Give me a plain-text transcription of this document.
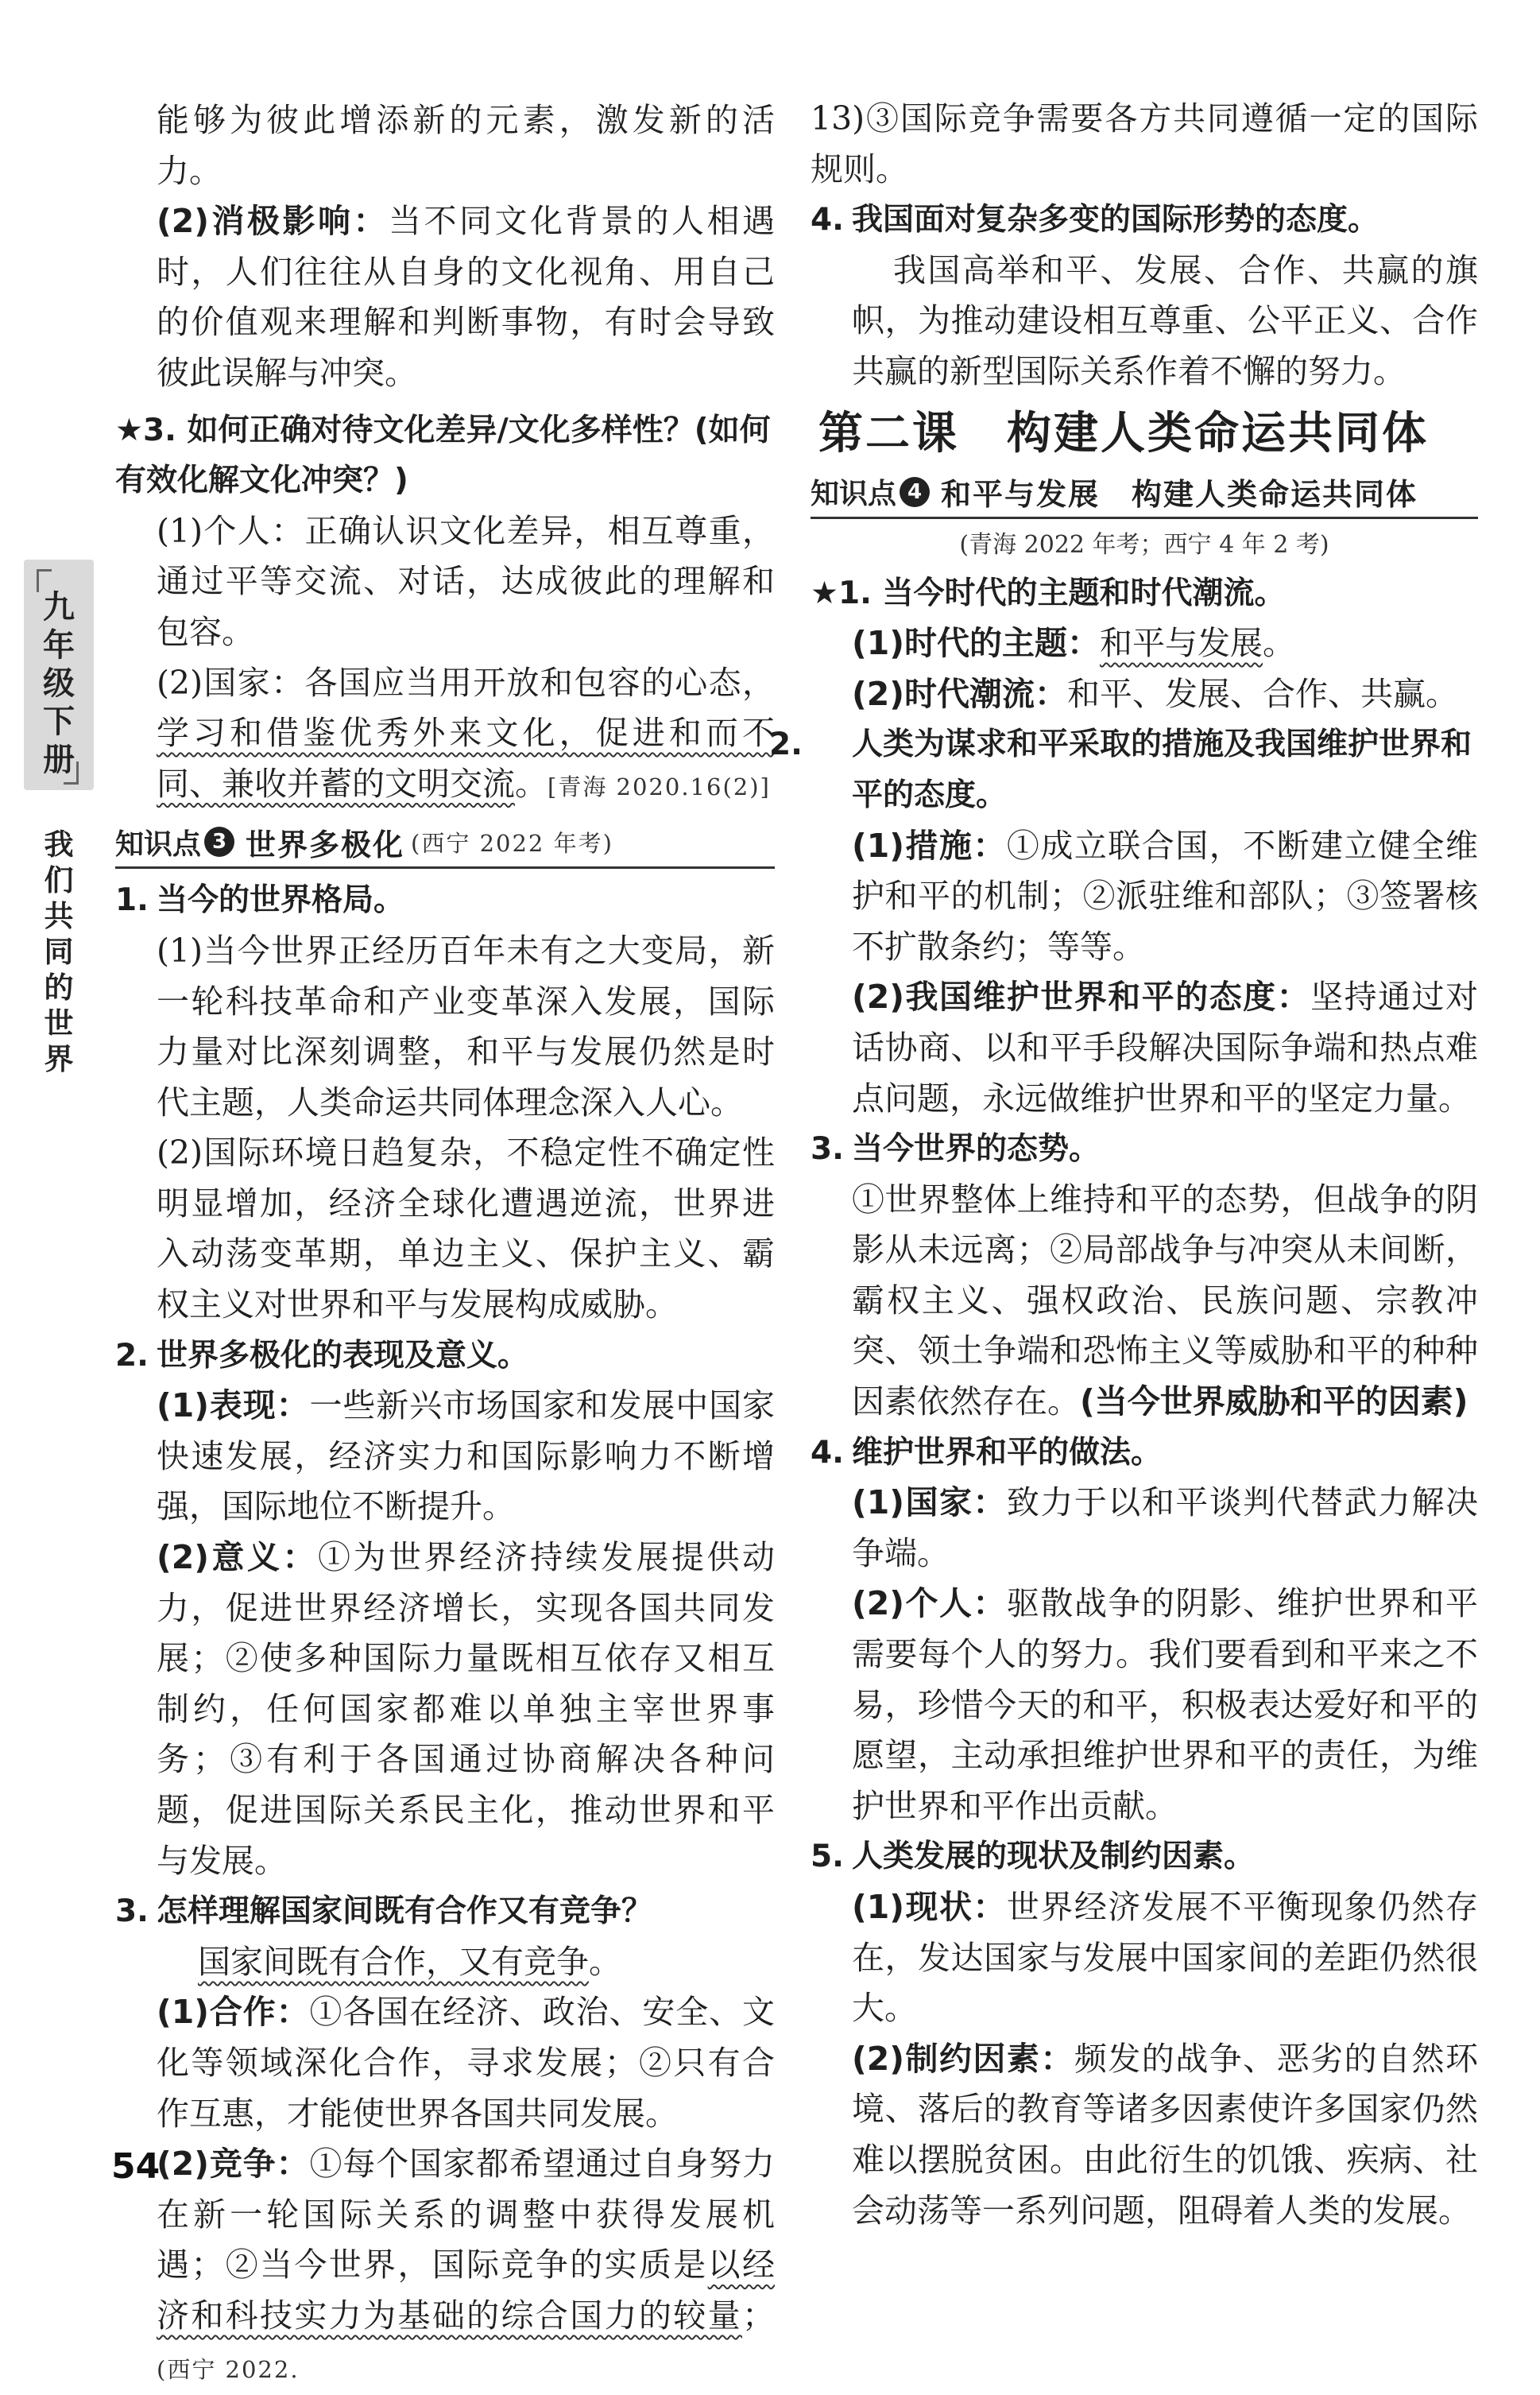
九年级下册
我们共同的世界

能够为彼此增添新的元素，激发新的活力。

(2)消极影响：当不同文化背景的人相遇时，人们往往从自身的文化视角、用自己的价值观来理解和判断事物，有时会导致彼此误解与冲突。

★3. 如何正确对待文化差异/文化多样性？(如何有效化解文化冲突？)

(1)个人：正确认识文化差异，相互尊重，通过平等交流、对话，达成彼此的理解和包容。

(2)国家：各国应当用开放和包容的心态，学习和借鉴优秀外来文化，促进和而不同、兼收并蓄的文明交流。[青海 2020.16(2)]

知识点 3 世界多极化 (西宁 2022 年考)

1. 当今的世界格局。

(1)当今世界正经历百年未有之大变局，新一轮科技革命和产业变革深入发展，国际力量对比深刻调整，和平与发展仍然是时代主题，人类命运共同体理念深入人心。

(2)国际环境日趋复杂，不稳定性不确定性明显增加，经济全球化遭遇逆流，世界进入动荡变革期，单边主义、保护主义、霸权主义对世界和平与发展构成威胁。

2. 世界多极化的表现及意义。

(1)表现：一些新兴市场国家和发展中国家快速发展，经济实力和国际影响力不断增强，国际地位不断提升。

(2)意义：①为世界经济持续发展提供动力，促进世界经济增长，实现各国共同发展；②使多种国际力量既相互依存又相互制约，任何国家都难以单独主宰世界事务；③有利于各国通过协商解决各种问题，促进国际关系民主化，推动世界和平与发展。

3. 怎样理解国家间既有合作又有竞争？

国家间既有合作，又有竞争。

(1)合作：①各国在经济、政治、安全、文化等领域深化合作，寻求发展；②只有合作互惠，才能使世界各国共同发展。

(2)竞争：①每个国家都希望通过自身努力在新一轮国际关系的调整中获得发展机遇；②当今世界，国际竞争的实质是以经济和科技实力为基础的综合国力的较量；(西宁 2022.

13)③国际竞争需要各方共同遵循一定的国际规则。

4. 我国面对复杂多变的国际形势的态度。

我国高举和平、发展、合作、共赢的旗帜，为推动建设相互尊重、公平正义、合作共赢的新型国际关系作着不懈的努力。

第二课 构建人类命运共同体
知识点 4 和平与发展　构建人类命运共同体
(青海 2022 年考；西宁 4 年 2 考)

★1. 当今时代的主题和时代潮流。

(1)时代的主题：和平与发展。

(2)时代潮流：和平、发展、合作、共赢。

2. 人类为谋求和平采取的措施及我国维护世界和平的态度。

(1)措施：①成立联合国，不断建立健全维护和平的机制；②派驻维和部队；③签署核不扩散条约；等等。

(2)我国维护世界和平的态度：坚持通过对话协商、以和平手段解决国际争端和热点难点问题，永远做维护世界和平的坚定力量。

3. 当今世界的态势。

①世界整体上维持和平的态势，但战争的阴影从未远离；②局部战争与冲突从未间断，霸权主义、强权政治、民族问题、宗教冲突、领土争端和恐怖主义等威胁和平的种种因素依然存在。(当今世界威胁和平的因素)

4. 维护世界和平的做法。

(1)国家：致力于以和平谈判代替武力解决争端。

(2)个人：驱散战争的阴影、维护世界和平需要每个人的努力。我们要看到和平来之不易，珍惜今天的和平，积极表达爱好和平的愿望，主动承担维护世界和平的责任，为维护世界和平作出贡献。

5. 人类发展的现状及制约因素。

(1)现状：世界经济发展不平衡现象仍然存在，发达国家与发展中国家间的差距仍然很大。

(2)制约因素：频发的战争、恶劣的自然环境、落后的教育等诸多因素使许多国家仍然难以摆脱贫困。由此衍生的饥饿、疾病、社会动荡等一系列问题，阻碍着人类的发展。

54
